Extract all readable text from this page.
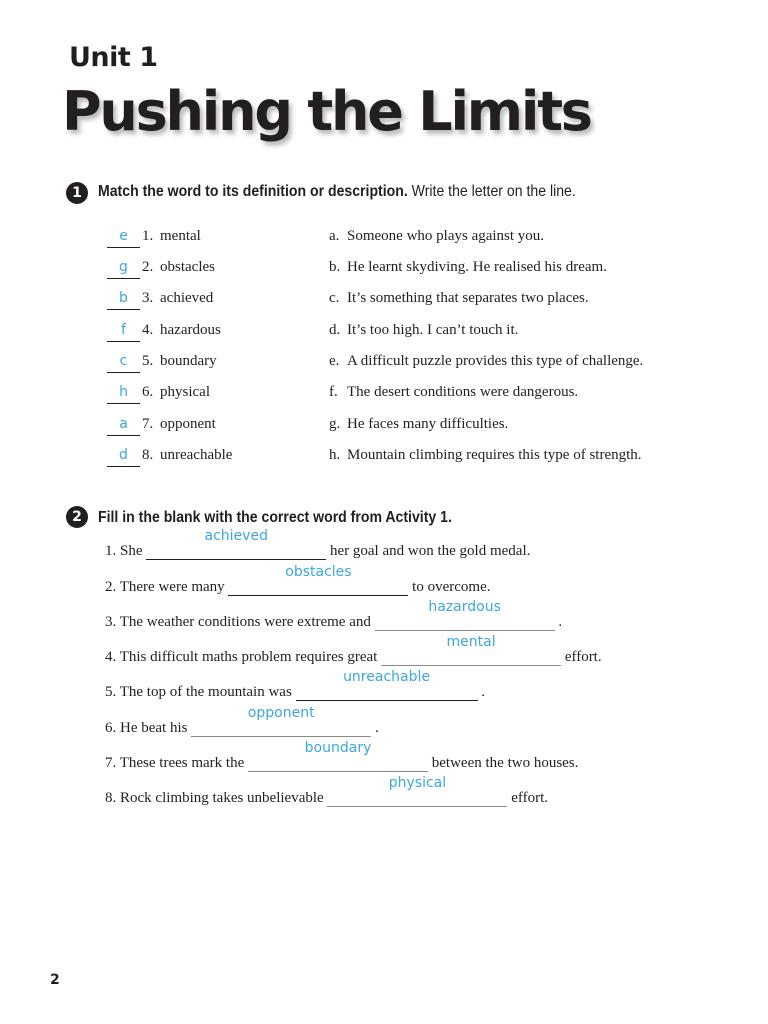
Unit 1
Pushing the Limits
1	Match the word to its definition or description. Write the letter on the line.
e 1. mental	a. Someone who plays against you.
g 2. obstacles	b. He learnt skydiving. He realised his dream.
b 3. achieved	c. It’s something that separates two places.
f	4. hazardous	d. It’s too high. I can’t touch it.
c 5. boundary	e. A difficult puzzle provides this type of challenge.
h 6. physical	f. The desert conditions were dangerous.
a 7. opponent	g. He faces many difficulties.
d 8. unreachable	h. Mountain climbing requires this type of strength.
2	Fill in the blank with the correct word from Activity 1.
1. She
achieved
her goal and won the gold medal.
2. There were many
obstacles
to overcome.
3. The weather conditions were extreme and
hazardous
.
4. This difficult maths problem requires great
mental
effort.
5. The top of the mountain was
unreachable
.
6. He beat his
opponent
.
7. These trees mark the
boundary
between the two houses.
8. Rock climbing takes unbelievable
physical
effort.
2
